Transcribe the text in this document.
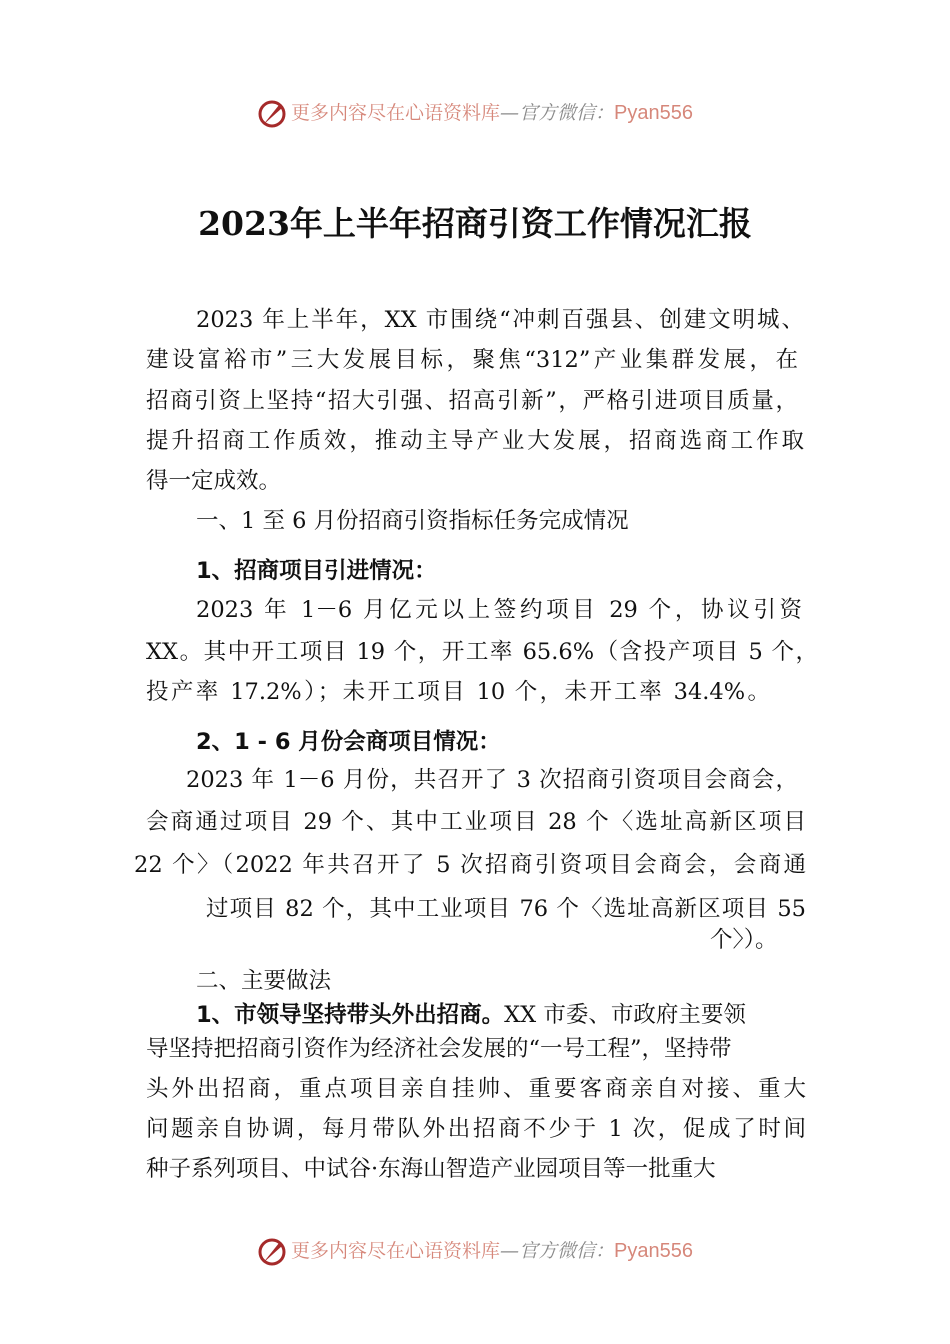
更多内容尽在心语资料库—官方微信：Pyan556
2023年上半年招商引资工作情况汇报
2023 年上半年，XX 市围绕“冲刺百强县、创建文明城、
建设富裕市”三大发展目标，聚焦“312”产业集群发展，在
招商引资上坚持“招大引强、招高引新”，严格引进项目质量，
提升招商工作质效，推动主导产业大发展，招商选商工作取
得一定成效。
一、1 至 6 月份招商引资指标任务完成情况
1、招商项目引进情况：
2023 年 1－6 月亿元以上签约项目 29 个，协议引资
XX。其中开工项目 19 个，开工率 65.6%（含投产项目 5 个，
投产率 17.2%）；未开工项目 10 个，未开工率 34.4%。
2、1 - 6 月份会商项目情况：
2023 年 1－6 月份，共召开了 3 次招商引资项目会商会，
会商通过项目 29 个、其中工业项目 28 个〈选址高新区项目
22 个〉（2022 年共召开了 5 次招商引资项目会商会，会商通
过项目 82 个，其中工业项目 76 个〈选址高新区项目 55
个〉）。
二、主要做法
1、市领导坚持带头外出招商。XX 市委、市政府主要领
导坚持把招商引资作为经济社会发展的“一号工程”，坚持带
头外出招商，重点项目亲自挂帅、重要客商亲自对接、重大
问题亲自协调，每月带队外出招商不少于 1 次，促成了时间
种子系列项目、中试谷·东海山智造产业园项目等一批重大
更多内容尽在心语资料库—官方微信：Pyan556
